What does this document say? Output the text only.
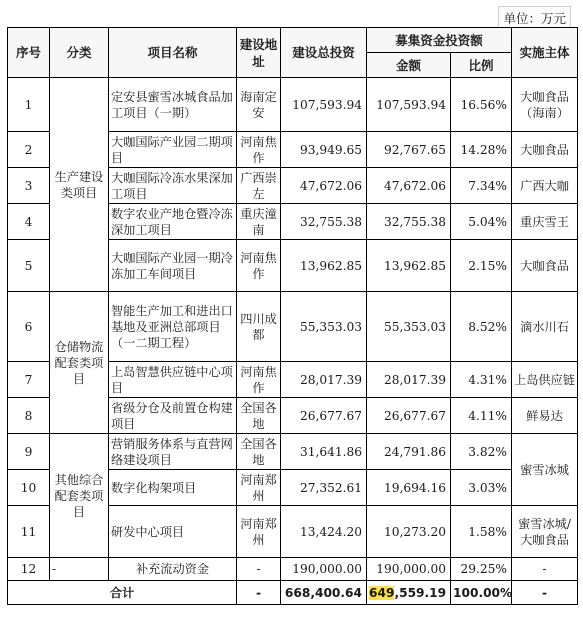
单位：万元
序号	分类	项目名称	建设地址	建设总投资	募集资金投资额		实施主体
					金额	比例	
1	生产建设类项目	定安县蜜雪冰城食品加工项目（一期）	海南定安	107,593.94	107,593.94	16.56%	大咖食品（海南）
2		大咖国际产业园二期项目	河南焦作	93,949.65	92,767.65	14.28%	大咖食品
3		大咖国际冷冻水果深加工项目	广西崇左	47,672.06	47,672.06	7.34%	广西大咖
4		数字农业产地仓暨冷冻深加工项目	重庆潼南	32,755.38	32,755.38	5.04%	重庆雪王
5		大咖国际产业园一期冷冻加工车间项目	河南焦作	13,962.85	13,962.85	2.15%	大咖食品
6	仓储物流配套类项目	智能生产加工和进出口基地及亚洲总部项目（一二期工程）	四川成都	55,353.03	55,353.03	8.52%	滴水川石
7		上岛智慧供应链中心项目	河南焦作	28,017.39	28,017.39	4.31%	上岛供应链
8		省级分仓及前置仓构建项目	全国各地	26,677.67	26,677.67	4.11%	鲜易达
9	其他综合配套类项目	营销服务体系与直营网络建设项目	全国各地	31,641.86	24,791.86	3.82%	蜜雪冰城
10		数字化构架项目	河南郑州	27,352.61	19,694.16	3.03%	
11		研发中心项目	河南郑州	13,424.20	10,273.20	1.58%	蜜雪冰城/大咖食品
12	-	补充流动资金	-	190,000.00	190,000.00	29.25%	-
合计			-	668,400.64	649,559.19	100.00%	-
